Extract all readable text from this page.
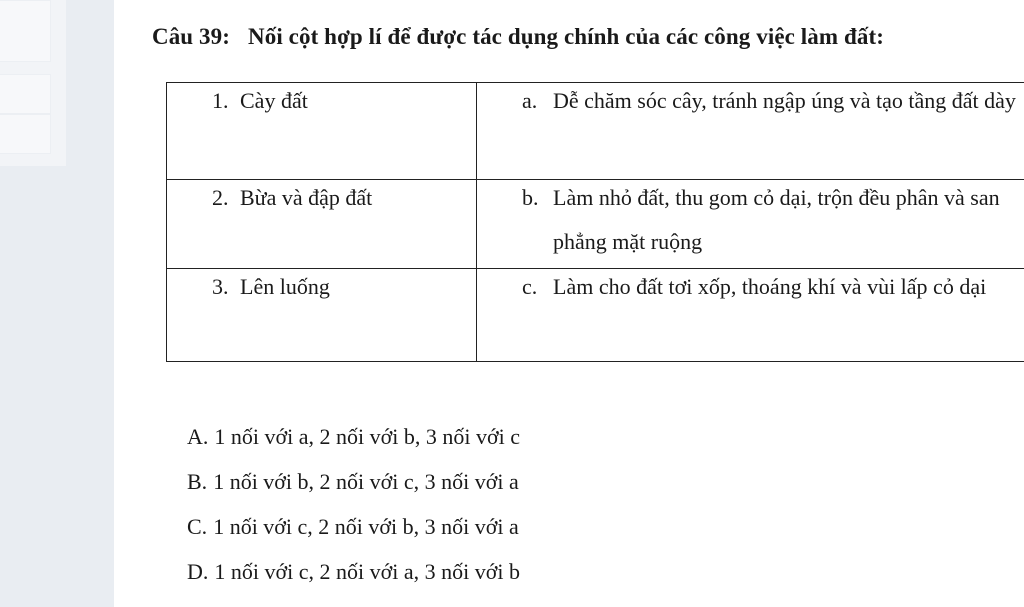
Câu 39: Nối cột hợp lí để được tác dụng chính của các công việc làm đất:
1. Cày đất	a. Dễ chăm sóc cây, tránh ngập úng và tạo tầng đất dày

2. Bừa và đập đất	b. Làm nhỏ đất, thu gom cỏ dại, trộn đều phân và san phẳng mặt ruộng

3. Lên luống	c. Làm cho đất tơi xốp, thoáng khí và vùi lấp cỏ dại
A. 1 nối với a, 2 nối với b, 3 nối với c
B. 1 nối với b, 2 nối với c, 3 nối với a
C. 1 nối với c, 2 nối với b, 3 nối với a
D. 1 nối với c, 2 nối với a, 3 nối với b
